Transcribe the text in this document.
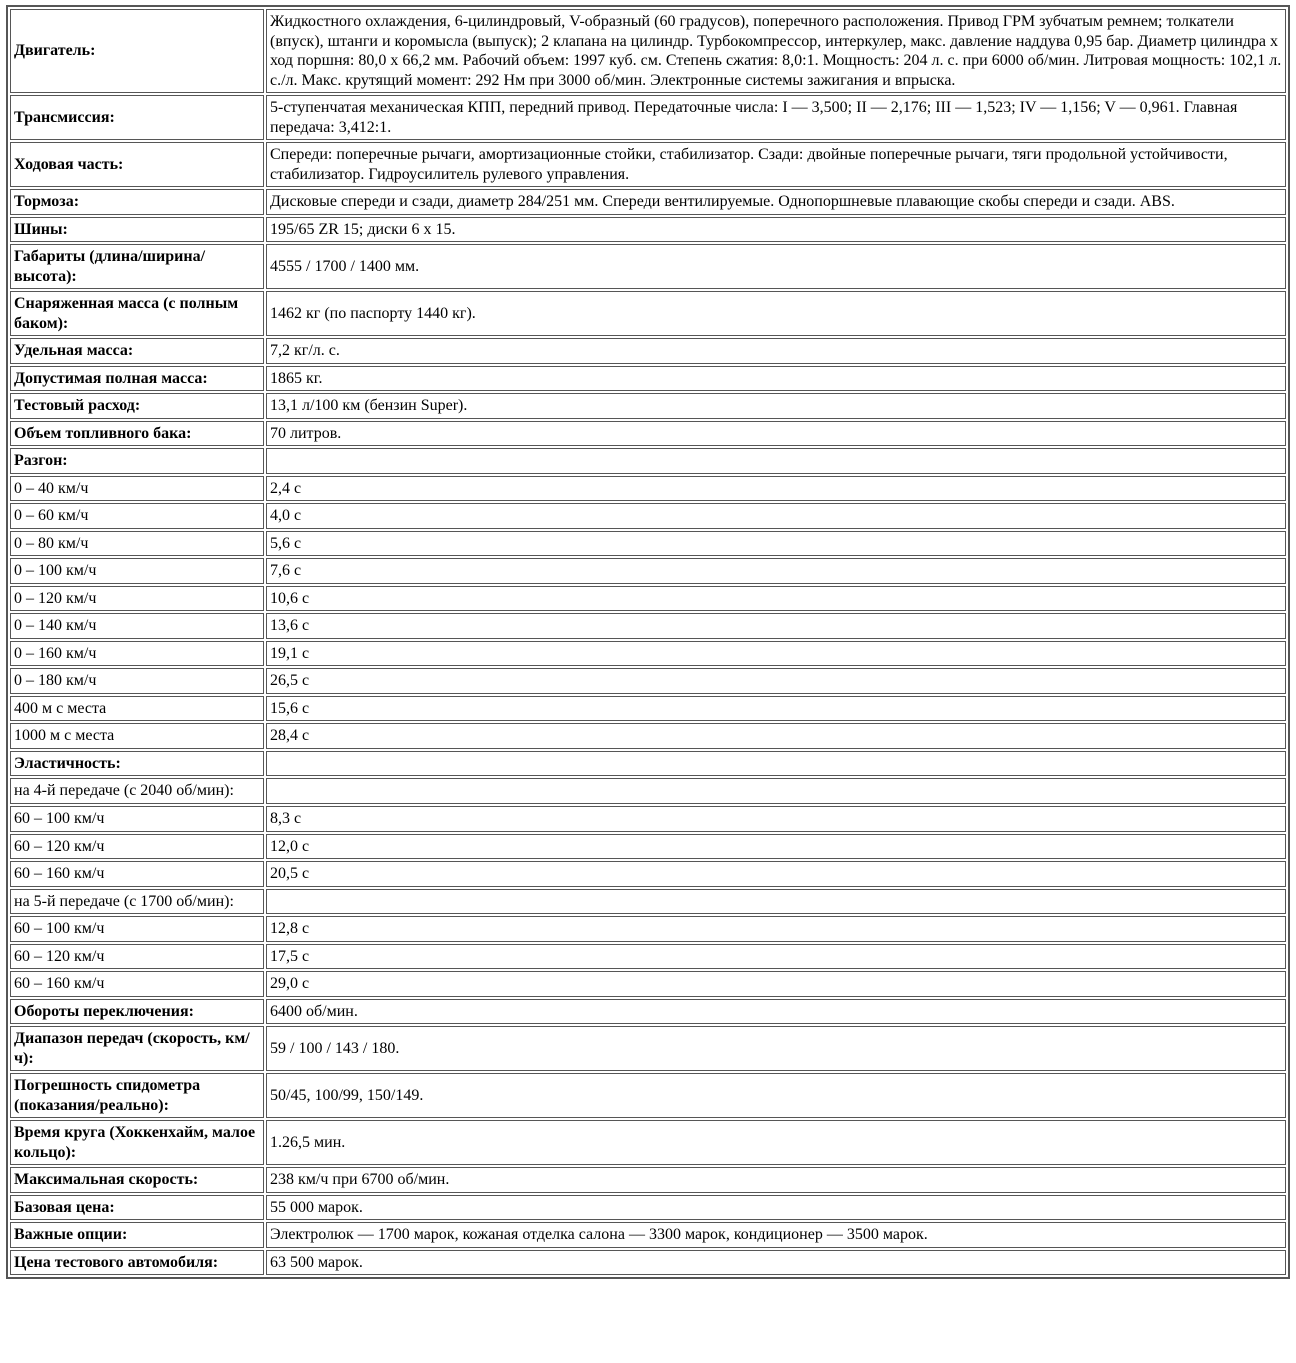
Двигатель:	Жидкостного охлаждения, 6-цилиндровый, V-образный (60 градусов), поперечного расположения. Привод ГРМ зубчатым ремнем; толкатели (впуск), штанги и коромысла (выпуск); 2 клапана на цилиндр. Турбокомпрессор, интеркулер, макс. давление наддува 0,95 бар. Диаметр цилиндра х ход поршня: 80,0 х 66,2 мм. Рабочий объем: 1997 куб. см. Степень сжатия: 8,0:1. Мощность: 204 л. с. при 6000 об/мин. Литровая мощность: 102,1 л. с./л. Макс. крутящий момент: 292 Нм при 3000 об/мин. Электронные системы зажигания и впрыска.
Трансмиссия:	5-ступенчатая механическая КПП, передний привод. Передаточные числа: I — 3,500; II — 2,176; III — 1,523; IV — 1,156; V — 0,961. Главная передача: 3,412:1.
Ходовая часть:	Спереди: поперечные рычаги, амортизационные стойки, стабилизатор. Сзади: двойные поперечные рычаги, тяги продольной устойчивости, стабилизатор. Гидроусилитель рулевого управления.
Тормоза:	Дисковые спереди и сзади, диаметр 284/251 мм. Спереди вентилируемые. Однопоршневые плавающие скобы спереди и сзади. ABS.
Шины:	195/65 ZR 15; диски 6 х 15.
Габариты (длина/ширина/высота):	4555 / 1700 / 1400 мм.
Снаряженная масса (с полным баком):	1462 кг (по паспорту 1440 кг).
Удельная масса:	7,2 кг/л. с.
Допустимая полная масса:	1865 кг.
Тестовый расход:	13,1 л/100 км (бензин Super).
Объем топливного бака:	70 литров.
Разгон:	
0 – 40 км/ч	2,4 с
0 – 60 км/ч	4,0 с
0 – 80 км/ч	5,6 с
0 – 100 км/ч	7,6 с
0 – 120 км/ч	10,6 с
0 – 140 км/ч	13,6 с
0 – 160 км/ч	19,1 с
0 – 180 км/ч	26,5 с
400 м с места	15,6 с
1000 м с места	28,4 с
Эластичность:	
на 4-й передаче (с 2040 об/мин):	
60 – 100 км/ч	8,3 с
60 – 120 км/ч	12,0 с
60 – 160 км/ч	20,5 с
на 5-й передаче (с 1700 об/мин):	
60 – 100 км/ч	12,8 с
60 – 120 км/ч	17,5 с
60 – 160 км/ч	29,0 с
Обороты переключения:	6400 об/мин.
Диапазон передач (скорость, км/ч):	59 / 100 / 143 / 180.
Погрешность спидометра (показания/реально):	50/45, 100/99, 150/149.
Время круга (Хоккенхайм, малое кольцо):	1.26,5 мин.
Максимальная скорость:	238 км/ч при 6700 об/мин.
Базовая цена:	55 000 марок.
Важные опции:	Электролюк — 1700 марок, кожаная отделка салона — 3300 марок, кондиционер — 3500 марок.
Цена тестового автомобиля:	63 500 марок.
